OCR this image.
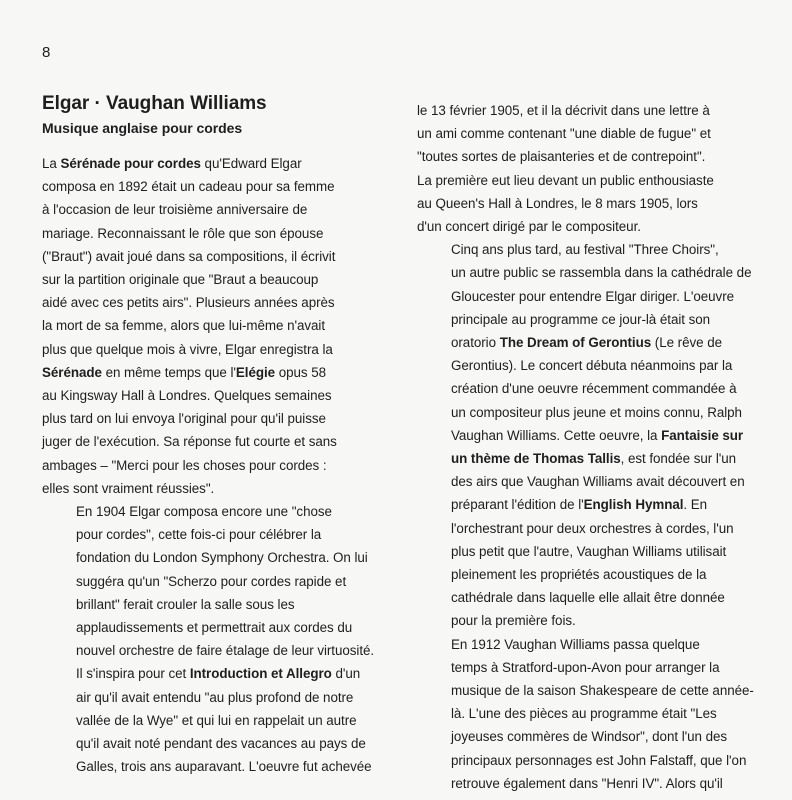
8
Elgar · Vaughan Williams
Musique anglaise pour cordes

La Sérénade pour cordes qu'Edward Elgar
composa en 1892 était un cadeau pour sa femme
à l'occasion de leur troisième anniversaire de
mariage. Reconnaissant le rôle que son épouse
("Braut") avait joué dans sa compositions, il écrivit
sur la partition originale que "Braut a beaucoup
aidé avec ces petits airs". Plusieurs années après
la mort de sa femme, alors que lui-même n'avait
plus que quelque mois à vivre, Elgar enregistra la
Sérénade en même temps que l'Elégie opus 58
au Kingsway Hall à Londres. Quelques semaines
plus tard on lui envoya l'original pour qu'il puisse
juger de l'exécution. Sa réponse fut courte et sans
ambages – "Merci pour les choses pour cordes :
elles sont vraiment réussies".

En 1904 Elgar composa encore une "chose
pour cordes", cette fois-ci pour célébrer la
fondation du London Symphony Orchestra. On lui
suggéra qu'un "Scherzo pour cordes rapide et
brillant" ferait crouler la salle sous les
applaudissements et permettrait aux cordes du
nouvel orchestre de faire étalage de leur virtuosité.
Il s'inspira pour cet Introduction et Allegro d'un
air qu'il avait entendu "au plus profond de notre
vallée de la Wye" et qui lui en rappelait un autre
qu'il avait noté pendant des vacances au pays de
Galles, trois ans auparavant. L'oeuvre fut achevée

le 13 février 1905, et il la décrivit dans une lettre à
un ami comme contenant "une diable de fugue" et
"toutes sortes de plaisanteries et de contrepoint".
La première eut lieu devant un public enthousiaste
au Queen's Hall à Londres, le 8 mars 1905, lors
d'un concert dirigé par le compositeur.

Cinq ans plus tard, au festival "Three Choirs",
un autre public se rassembla dans la cathédrale de
Gloucester pour entendre Elgar diriger. L'oeuvre
principale au programme ce jour-là était son
oratorio The Dream of Gerontius (Le rêve de
Gerontius). Le concert débuta néanmoins par la
création d'une oeuvre récemment commandée à
un compositeur plus jeune et moins connu, Ralph
Vaughan Williams. Cette oeuvre, la Fantaisie sur
un thème de Thomas Tallis, est fondée sur l'un
des airs que Vaughan Williams avait découvert en
préparant l'édition de l'English Hymnal. En
l'orchestrant pour deux orchestres à cordes, l'un
plus petit que l'autre, Vaughan Williams utilisait
pleinement les propriétés acoustiques de la
cathédrale dans laquelle elle allait être donnée
pour la première fois.

En 1912 Vaughan Williams passa quelque
temps à Stratford-upon-Avon pour arranger la
musique de la saison Shakespeare de cette année-
là. L'une des pièces au programme était "Les
joyeuses commères de Windsor", dont l'un des
principaux personnages est John Falstaff, que l'on
retrouve également dans "Henri IV". Alors qu'il
